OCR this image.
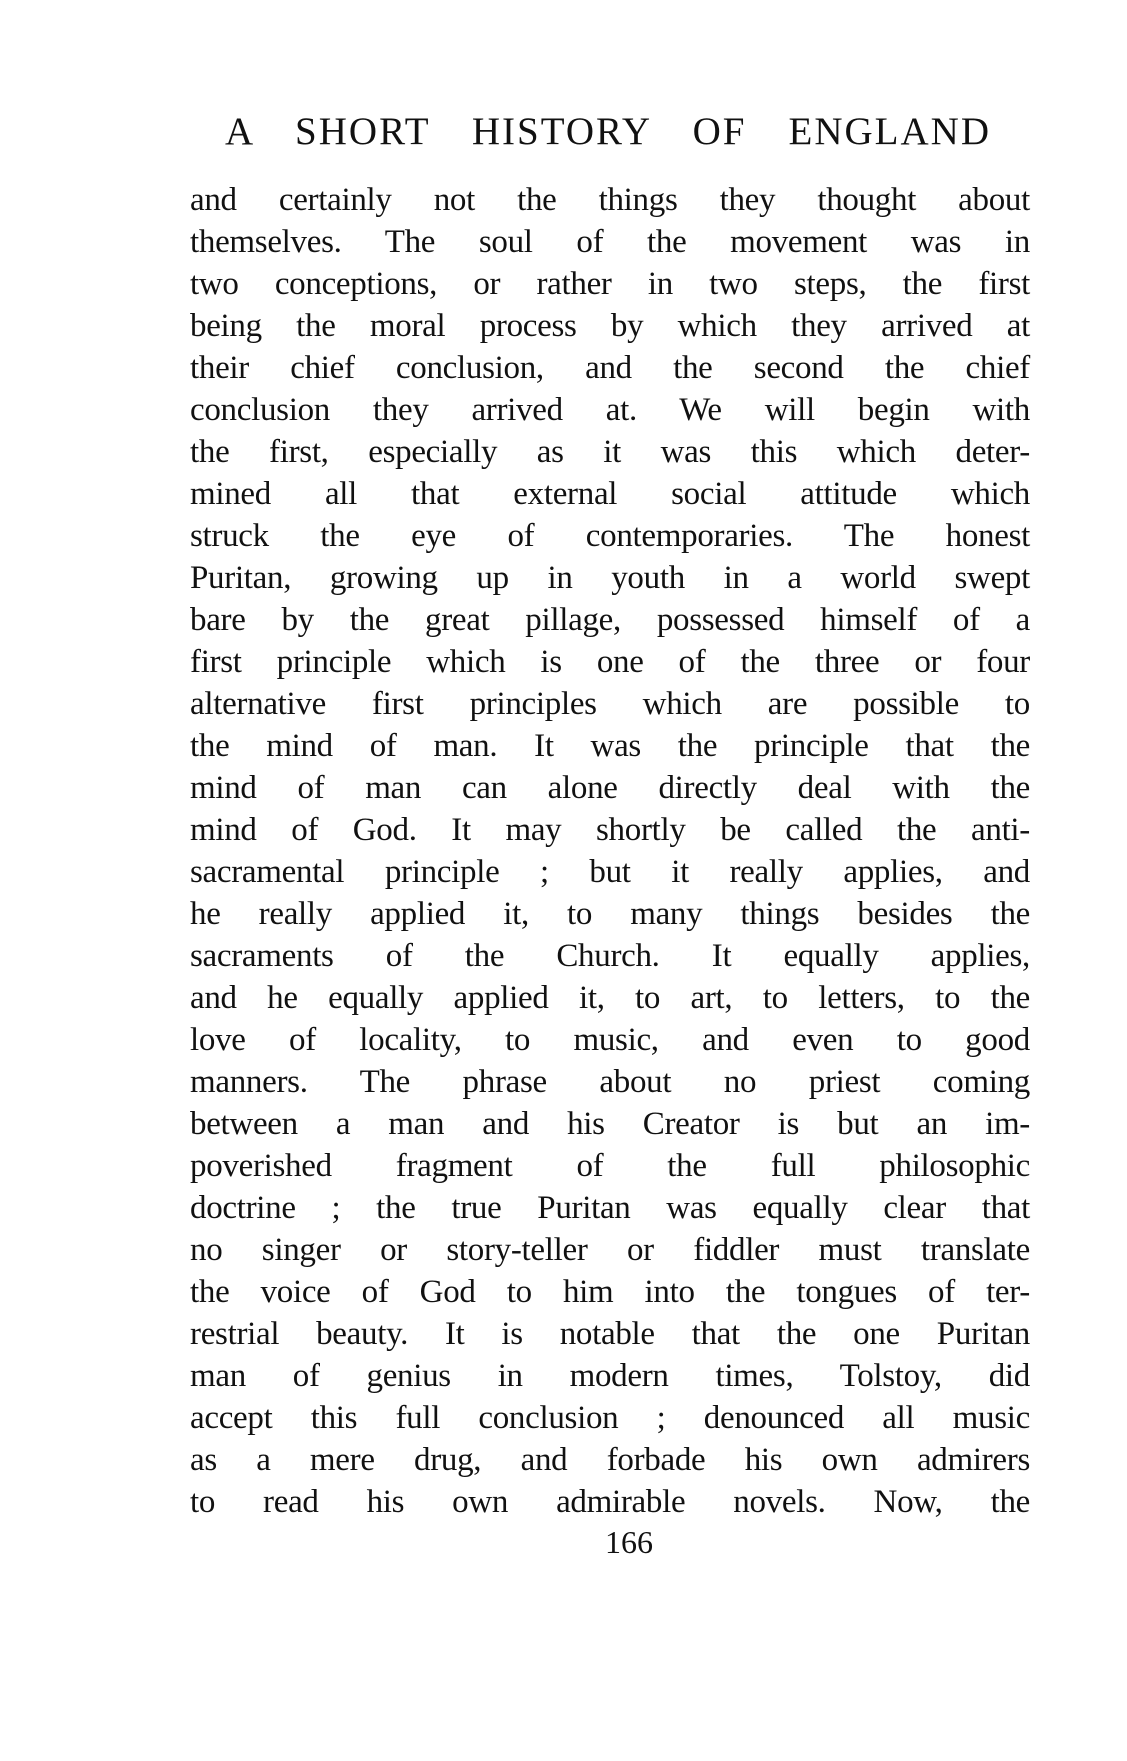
A SHORT HISTORY OF ENGLAND
and certainly not the things they thought about
themselves. The soul of the movement was in
two conceptions, or rather in two steps, the first
being the moral process by which they arrived at
their chief conclusion, and the second the chief
conclusion they arrived at. We will begin with
the first, especially as it was this which deter-
mined all that external social attitude which
struck the eye of contemporaries. The honest
Puritan, growing up in youth in a world swept
bare by the great pillage, possessed himself of a
first principle which is one of the three or four
alternative first principles which are possible to
the mind of man. It was the principle that the
mind of man can alone directly deal with the
mind of God. It may shortly be called the anti-
sacramental principle ; but it really applies, and
he really applied it, to many things besides the
sacraments of the Church. It equally applies,
and he equally applied it, to art, to letters, to the
love of locality, to music, and even to good
manners. The phrase about no priest coming
between a man and his Creator is but an im-
poverished fragment of the full philosophic
doctrine ; the true Puritan was equally clear that
no singer or story-teller or fiddler must translate
the voice of God to him into the tongues of ter-
restrial beauty. It is notable that the one Puritan
man of genius in modern times, Tolstoy, did
accept this full conclusion ; denounced all music
as a mere drug, and forbade his own admirers
to read his own admirable novels. Now, the
166
